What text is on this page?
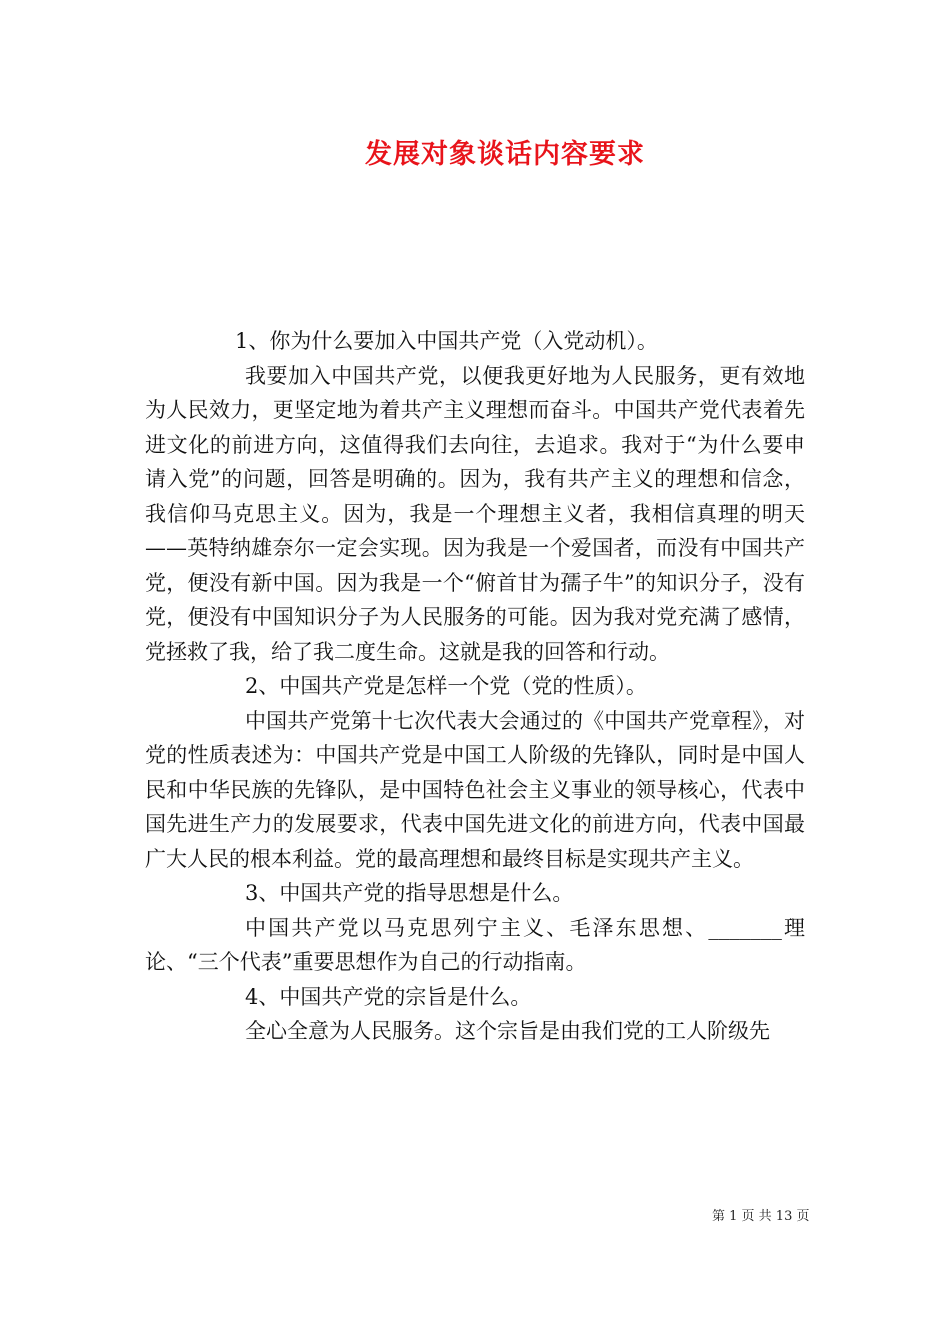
发展对象谈话内容要求

1、你为什么要加入中国共产党（入党动机）。

我要加入中国共产党，以便我更好地为人民服务，更有效地为人民效力，更坚定地为着共产主义理想而奋斗。中国共产党代表着先进文化的前进方向，这值得我们去向往，去追求。我对于“为什么要申请入党”的问题，回答是明确的。因为，我有共产主义的理想和信念，我信仰马克思主义。因为，我是一个理想主义者，我相信真理的明天——英特纳雄奈尔一定会实现。因为我是一个爱国者，而没有中国共产党，便没有新中国。因为我是一个“俯首甘为孺子牛”的知识分子，没有党，便没有中国知识分子为人民服务的可能。因为我对党充满了感情，党拯救了我，给了我二度生命。这就是我的回答和行动。

2、中国共产党是怎样一个党（党的性质）。

中国共产党第十七次代表大会通过的《中国共产党章程》，对党的性质表述为：中国共产党是中国工人阶级的先锋队，同时是中国人民和中华民族的先锋队，是中国特色社会主义事业的领导核心，代表中国先进生产力的发展要求，代表中国先进文化的前进方向，代表中国最广大人民的根本利益。党的最高理想和最终目标是实现共产主义。

3、中国共产党的指导思想是什么。

中国共产党以马克思列宁主义、毛泽东思想、_______理论、“三个代表”重要思想作为自己的行动指南。

4、中国共产党的宗旨是什么。

全心全意为人民服务。这个宗旨是由我们党的工人阶级先

第 1 页 共 13 页
